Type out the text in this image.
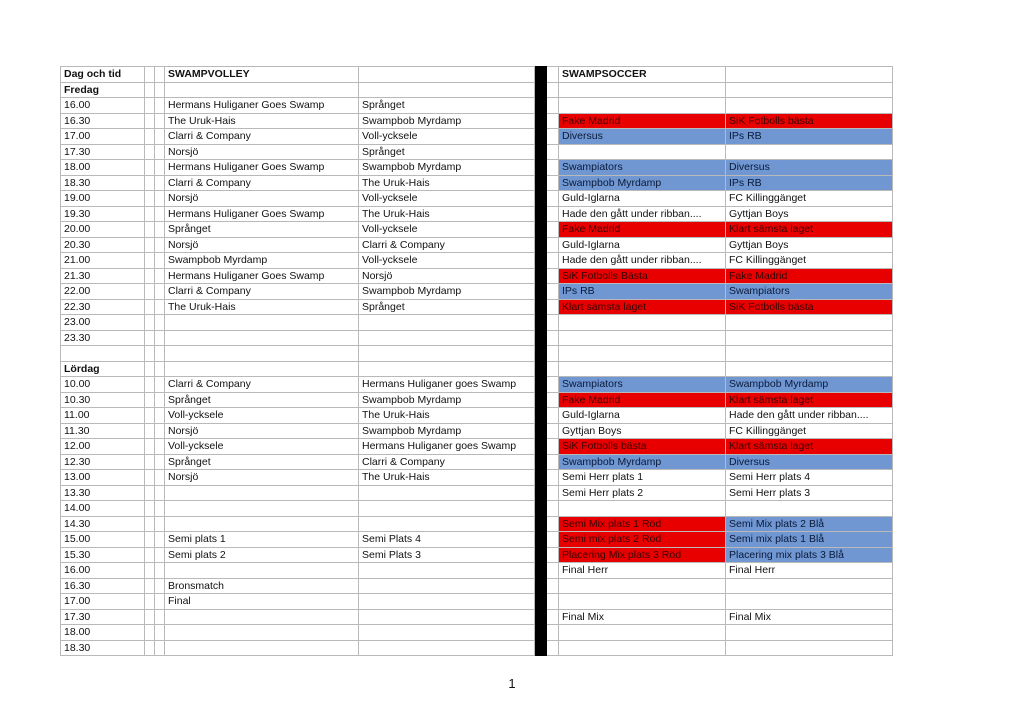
Dag och tid			SWAMPVOLLEY				SWAMPSOCCER	
Fredag								
16.00			Hermans Huliganer Goes Swamp	Språnget				
16.30			The Uruk-Hais	Swampbob Myrdamp			Fake Madrid	SiK Fotbolls bästa
17.00			Clarri & Company	Voll-ycksele			Diversus	IPs RB
17.30			Norsjö	Språnget				
18.00			Hermans Huliganer Goes Swamp	Swampbob Myrdamp			Swampiators	Diversus
18.30			Clarri & Company	The Uruk-Hais			Swampbob Myrdamp	IPs RB
19.00			Norsjö	Voll-ycksele			Guld-Iglarna	FC Killinggänget
19.30			Hermans Huliganer Goes Swamp	The Uruk-Hais			Hade den gått under ribban....	Gyttjan Boys
20.00			Språnget	Voll-ycksele			Fake Madrid	Klart sämsta laget
20.30			Norsjö	Clarri & Company			Guld-Iglarna	Gyttjan Boys
21.00			Swampbob Myrdamp	Voll-ycksele			Hade den gått under ribban....	FC Killinggänget
21.30			Hermans Huliganer Goes Swamp	Norsjö			SiK Fotbolls Bästa	Fake Madrid
22.00			Clarri & Company	Swampbob Myrdamp			IPs RB	Swampiators
22.30			The Uruk-Hais	Språnget			Klart sämsta laget	SiK Fotbolls bästa
23.00								
23.30								

Lördag								
10.00			Clarri & Company	Hermans Huliganer goes Swamp			Swampiators	Swampbob Myrdamp
10.30			Språnget	Swampbob Myrdamp			Fake Madrid	Klart sämsta laget
11.00			Voll-ycksele	The Uruk-Hais			Guld-Iglarna	Hade den gått under ribban....
11.30			Norsjö	Swampbob Myrdamp			Gyttjan Boys	FC Killinggänget
12.00			Voll-ycksele	Hermans Huliganer goes Swamp			SiK Fotbolls bästa	Klart sämsta laget
12.30			Språnget	Clarri & Company			Swampbob Myrdamp	Diversus
13.00			Norsjö	The Uruk-Hais			Semi Herr plats 1	Semi Herr plats 4
13.30							Semi Herr plats 2	Semi Herr plats 3
14.00								
14.30							Semi Mix plats 1 Röd	Semi Mix plats 2 Blå
15.00			Semi plats 1	Semi Plats 4			Semi mix plats 2 Röd	Semi mix plats 1 Blå
15.30			Semi plats 2	Semi Plats 3			Placering Mix plats 3 Röd	Placering mix plats 3 Blå
16.00							Final Herr	Final Herr
16.30			Bronsmatch					
17.00			Final					
17.30							Final Mix	Final Mix
18.00								
18.30								
1
